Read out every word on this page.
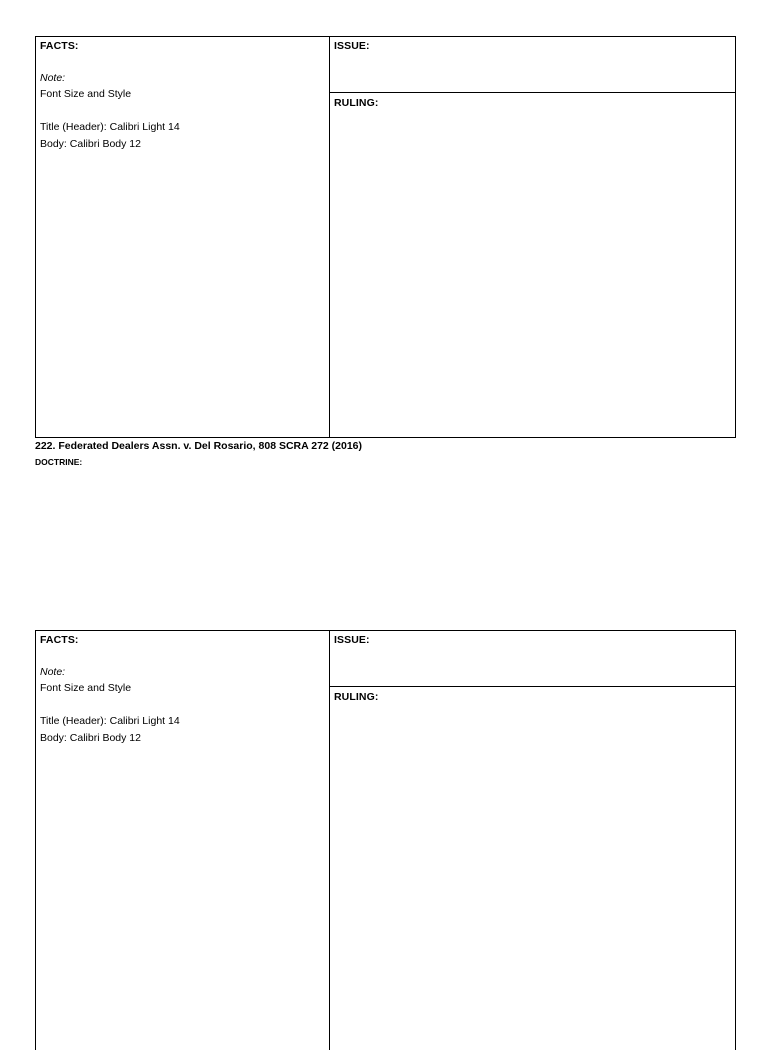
FACTS:
Note:
Font Size and Style
Title (Header): Calibri Light 14
Body: Calibri Body 12
ISSUE:
RULING:
222. Federated Dealers Assn. v. Del Rosario, 808 SCRA 272 (2016)
DOCTRINE:
FACTS:
Note:
Font Size and Style
Title (Header): Calibri Light 14
Body: Calibri Body 12
ISSUE:
RULING:
